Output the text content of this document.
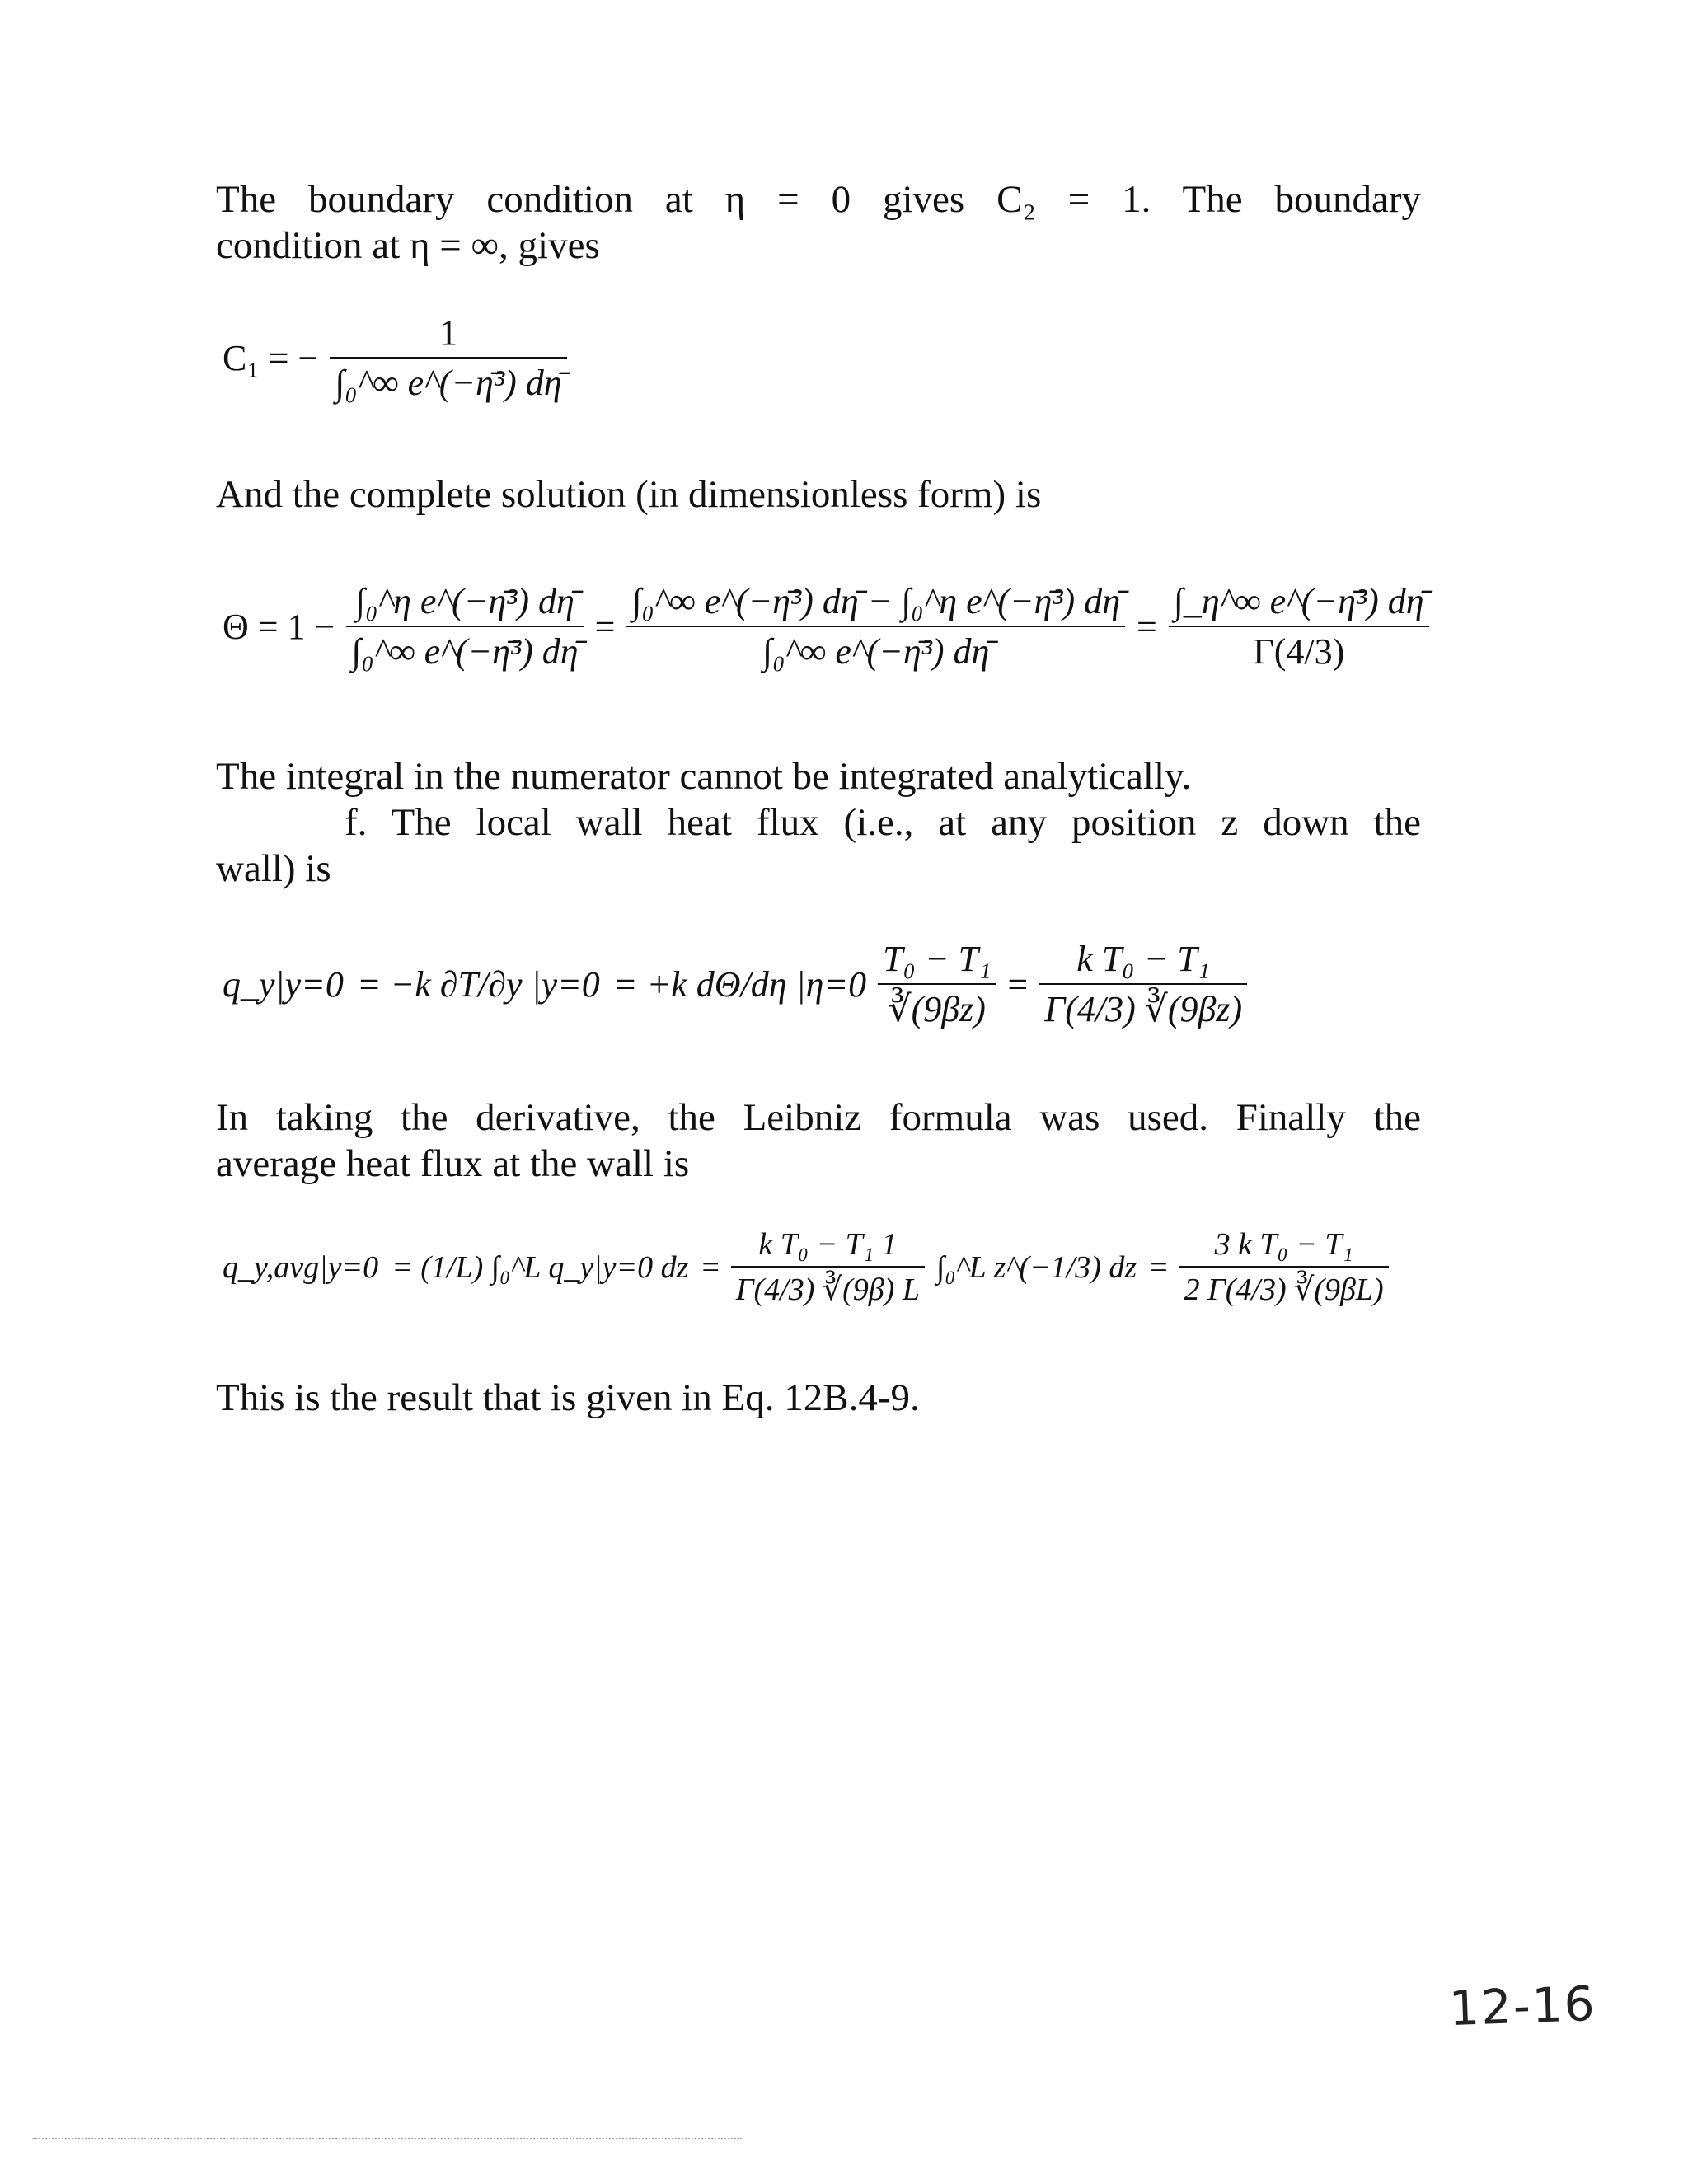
The boundary condition at η = 0 gives C₂ = 1. The boundary
condition at η = ∞, gives
C₁ = − $\frac{1}{\text{∫₀\textasciicircum{}∞ e\textasciicircum{}(−η̄³) dη̄}}$
And the complete solution (in dimensionless form) is
$\Theta = 1 - \frac{\text{∫₀\textasciicircum{}η e\textasciicircum{}(−η̄³) dη̄}}{\text{∫₀\textasciicircum{}∞ e\textasciicircum{}(−η̄³) dη̄}} = \frac{\text{∫₀\textasciicircum{}∞ e\textasciicircum{}(−η̄³) dη̄ − ∫₀\textasciicircum{}η e\textasciicircum{}(−η̄³) dη̄}}{\text{∫₀\textasciicircum{}∞ e\textasciicircum{}(−η̄³) dη̄}} = \frac{\text{∫\_η\textasciicircum{}∞ e\textasciicircum{}(−η̄³) dη̄}}{\Gamma(4/3)}$
The integral in the numerator cannot be integrated analytically.
f. The local wall heat flux (i.e., at any position z down the
wall) is
q_y|y=0 = −k ∂T/∂y |y=0 = +k dΘ/dη $|\eta=0 \frac{\text{T₀ − T₁}}{∛(9\beta z)} = \frac{\text{k T₀ − T₁}}{\Gamma(4/3) ∛(9\beta z)}$
In taking the derivative, the Leibniz formula was used. Finally the
average heat flux at the wall is
q_y,avg|y=0 = (1/L) ∫₀^L q_y|y=0 dz = $\frac{\text{k T₀ − T₁ 1}}{\Gamma(4/3) ∛(9\beta) L}$ ∫₀^L z^(−1/3) dz = $\frac{\text{3 k T₀ − T₁}}{2 \Gamma(4/3) ∛(9\beta L)}$
This is the result that is given in Eq. 12B.4-9.
12-16
